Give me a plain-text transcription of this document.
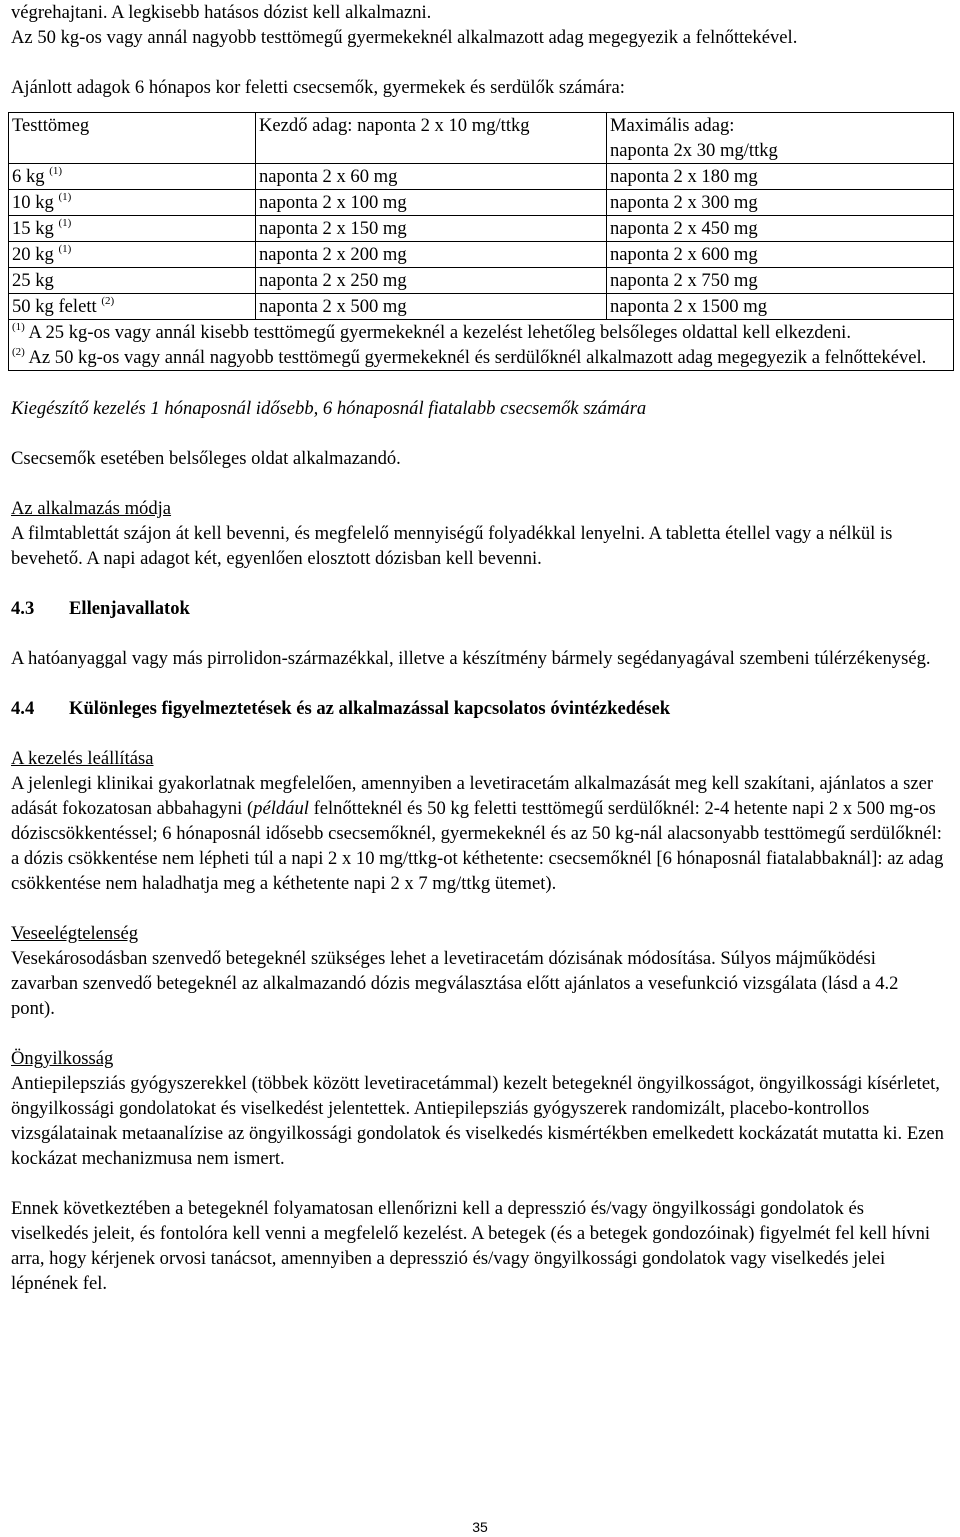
végrehajtani. A legkisebb hatásos dózist kell alkalmazni.

Az 50 kg-os vagy annál nagyobb testtömegű gyermekeknél alkalmazott adag megegyezik a felnőttekével.

Ajánlott adagok 6 hónapos kor feletti csecsemők, gyermekek és serdülők számára:

Testtömeg	Kezdő adag: naponta 2 x 10 mg/ttkg	Maximális adag:
naponta 2x 30 mg/ttkg
6 kg $^{(1)}$	naponta 2 x 60 mg	naponta 2 x 180 mg
10 kg $^{(1)}$	naponta 2 x 100 mg	naponta 2 x 300 mg
15 kg $^{(1)}$	naponta 2 x 150 mg	naponta 2 x 450 mg
20 kg $^{(1)}$	naponta 2 x 200 mg	naponta 2 x 600 mg
25 kg	naponta 2 x 250 mg	naponta 2 x 750 mg
50 kg felett $^{(2)}$	naponta 2 x 500 mg	naponta 2 x 1500 mg

$^{(1)}$ A 25 kg-os vagy annál kisebb testtömegű gyermekeknél a kezelést lehetőleg belsőleges oldattal kell elkezdeni.
$^{(2)}$ Az 50 kg-os vagy annál nagyobb testtömegű gyermekeknél és serdülőknél alkalmazott adag megegyezik a felnőttekével.		

Kiegészítő kezelés 1 hónaposnál idősebb, 6 hónaposnál fiatalabb csecsemők számára

Csecsemők esetében belsőleges oldat alkalmazandó.

Az alkalmazás módja

A filmtablettát szájon át kell bevenni, és megfelelő mennyiségű folyadékkal lenyelni. A tabletta étellel vagy a nélkül is bevehető. A napi adagot két, egyenlően elosztott dózisban kell bevenni.

4.3 Ellenjavallatok

A hatóanyaggal vagy más pirrolidon-származékkal, illetve a készítmény bármely segédanyagával szembeni túlérzékenység.

4.4 Különleges figyelmeztetések és az alkalmazással kapcsolatos óvintézkedések

A kezelés leállítása

A jelenlegi klinikai gyakorlatnak megfelelően, amennyiben a levetiracetám alkalmazását meg kell szakítani, ajánlatos a szer adását fokozatosan abbahagyni (például felnőtteknél és 50 kg feletti testtömegű serdülőknél: 2-4 hetente napi 2 x 500 mg-os dóziscsökkentéssel; 6 hónaposnál idősebb csecsemőknél, gyermekeknél és az 50 kg-nál alacsonyabb testtömegű serdülőknél: a dózis csökkentése nem lépheti túl a napi 2 x 10 mg/ttkg-ot kéthetente: csecsemőknél [6 hónaposnál fiatalabbaknál]: az adag csökkentése nem haladhatja meg a kéthetente napi 2 x 7 mg/ttkg ütemet).

Veseelégtelenség

Vesekárosodásban szenvedő betegeknél szükséges lehet a levetiracetám dózisának módosítása. Súlyos májműködési zavarban szenvedő betegeknél az alkalmazandó dózis megválasztása előtt ajánlatos a vesefunkció vizsgálata (lásd a 4.2 pont).

Öngyilkosság

Antiepilepsziás gyógyszerekkel (többek között levetiracetámmal) kezelt betegeknél öngyilkosságot, öngyilkossági kísérletet, öngyilkossági gondolatokat és viselkedést jelentettek. Antiepilepsziás gyógyszerek randomizált, placebo-kontrollos vizsgálatainak metaanalízise az öngyilkossági gondolatok és viselkedés kismértékben emelkedett kockázatát mutatta ki. Ezen kockázat mechanizmusa nem ismert.

Ennek következtében a betegeknél folyamatosan ellenőrizni kell a depresszió és/vagy öngyilkossági gondolatok és viselkedés jeleit, és fontolóra kell venni a megfelelő kezelést. A betegek (és a betegek gondozóinak) figyelmét fel kell hívni arra, hogy kérjenek orvosi tanácsot, amennyiben a depresszió és/vagy öngyilkossági gondolatok vagy viselkedés jelei lépnének fel.

35
